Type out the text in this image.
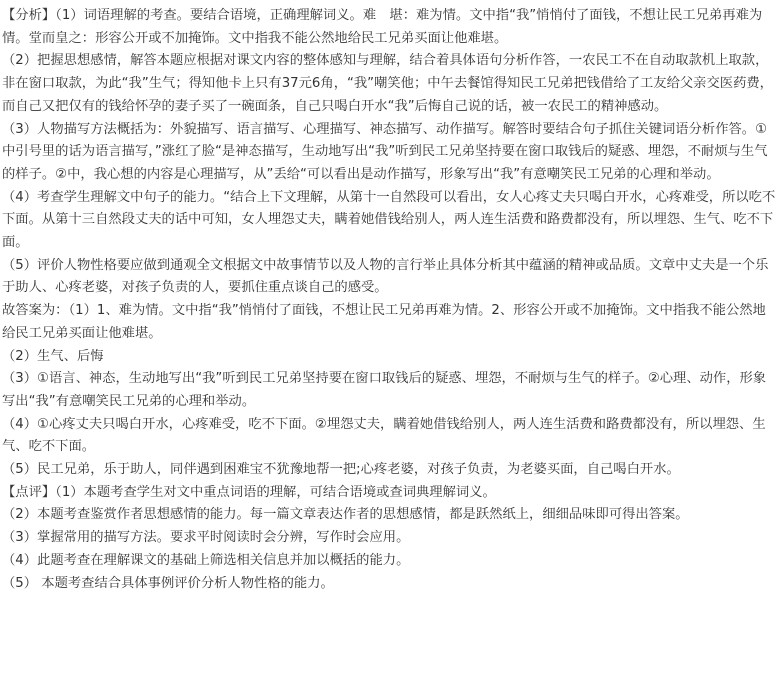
【分析】（1）词语理解的考查。要结合语境，正确理解词义。难　堪：难为情。文中指“我”悄悄付了面钱，不想让民工兄弟再难为情。堂而皇之：形容公开或不加掩饰。文中指我不能公然地给民工兄弟买面让他难堪。

（2）把握思想感情，解答本题应根据对课文内容的整体感知与理解，结合着具体语句分析作答，一农民工不在自动取款机上取款，非在窗口取款，为此“我”生气；得知他卡上只有37元6角，“我”嘲笑他；中午去餐馆得知民工兄弟把钱借给了工友给父亲交医药费，而自己又把仅有的钱给怀孕的妻子买了一碗面条，自己只喝白开水“我”后悔自己说的话，被一农民工的精神感动。

（3）人物描写方法概括为：外貌描写、语言描写、心理描写、神态描写、动作描写。解答时要结合句子抓住关键词语分析作答。①中引号里的话为语言描写，”涨红了脸“是神态描写，生动地写出“我”听到民工兄弟坚持要在窗口取钱后的疑惑、埋怨，不耐烦与生气的样子。②中，我心想的内容是心理描写，从”丢给“可以看出是动作描写，形象写出“我”有意嘲笑民工兄弟的心理和举动。

（4）考查学生理解文中句子的能力。“结合上下文理解，从第十一自然段可以看出，女人心疼丈夫只喝白开水，心疼难受，所以吃不下面。从第十三自然段丈夫的话中可知，女人埋怨丈夫，瞒着她借钱给别人，两人连生活费和路费都没有，所以埋怨、生气、吃不下面。

（5）评价人物性格要应做到通观全文根据文中故事情节以及人物的言行举止具体分析其中蕴涵的精神或品质。文章中丈夫是一个乐于助人、心疼老婆，对孩子负责的人，要抓住重点谈自己的感受。

故答案为：（1）1、难为情。文中指“我”悄悄付了面钱，不想让民工兄弟再难为情。2、形容公开或不加掩饰。文中指我不能公然地给民工兄弟买面让他难堪。

（2）生气、后悔

（3）①语言、神态，生动地写出“我”听到民工兄弟坚持要在窗口取钱后的疑惑、埋怨，不耐烦与生气的样子。②心理、动作，形象写出“我”有意嘲笑民工兄弟的心理和举动。

（4）①心疼丈夫只喝白开水，心疼难受，吃不下面。②埋怨丈夫，瞒着她借钱给别人，两人连生活费和路费都没有，所以埋怨、生气、吃不下面。

（5）民工兄弟，乐于助人，同伴遇到困难宝不犹豫地帮一把;心疼老婆，对孩子负责，为老婆买面，自己喝白开水。

【点评】（1）本题考查学生对文中重点词语的理解，可结合语境或查词典理解词义。

（2）本题考查鉴赏作者思想感情的能力。每一篇文章表达作者的思想感情，都是跃然纸上，细细品味即可得出答案。

（3）掌握常用的描写方法。要求平时阅读时会分辨，写作时会应用。

（4）此题考查在理解课文的基础上筛选相关信息并加以概括的能力。

（5） 本题考查结合具体事例评价分析人物性格的能力。
